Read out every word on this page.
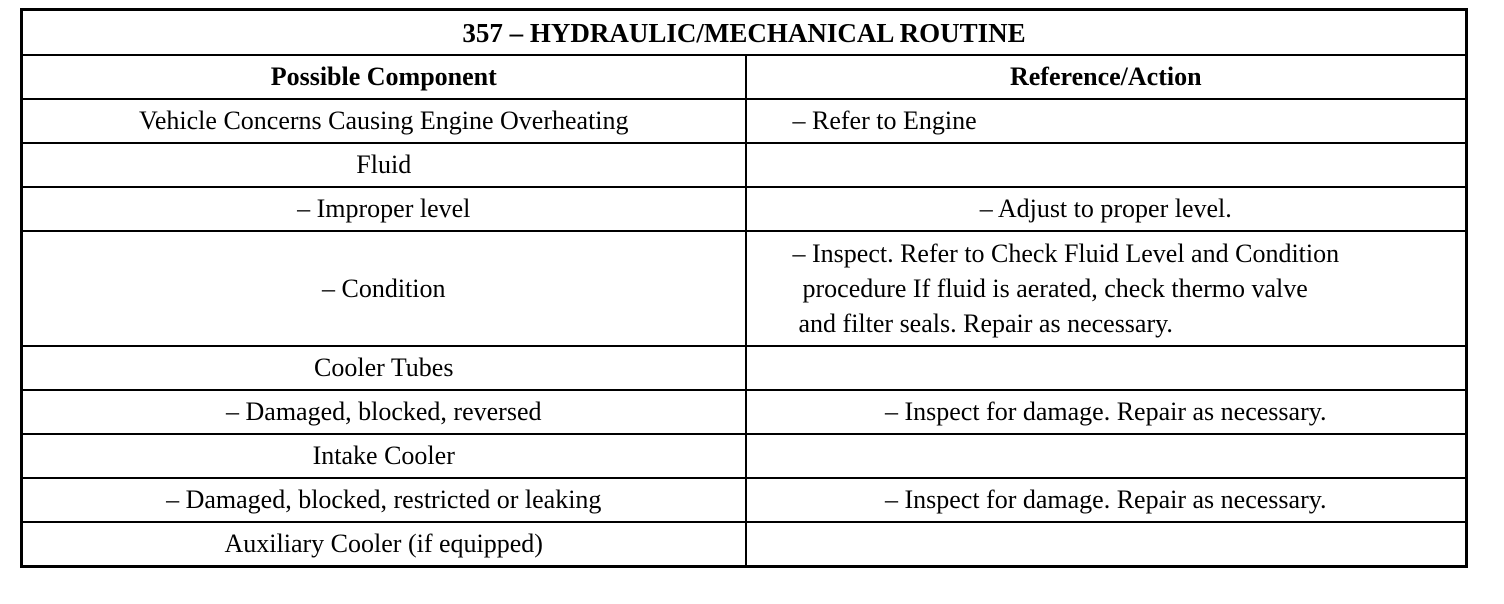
357 – HYDRAULIC/MECHANICAL ROUTINE	
Possible Component	Reference/Action
Vehicle Concerns Causing Engine Overheating	– Refer to Engine
Fluid	
– Improper level	– Adjust to proper level.
– Condition	– Inspect. Refer to Check Fluid Level and Condition
procedure If fluid is aerated, check thermo valve
and filter seals. Repair as necessary.

Cooler Tubes	
– Damaged, blocked, reversed	– Inspect for damage. Repair as necessary.
Intake Cooler	
– Damaged, blocked, restricted or leaking	– Inspect for damage. Repair as necessary.
Auxiliary Cooler (if equipped)	
